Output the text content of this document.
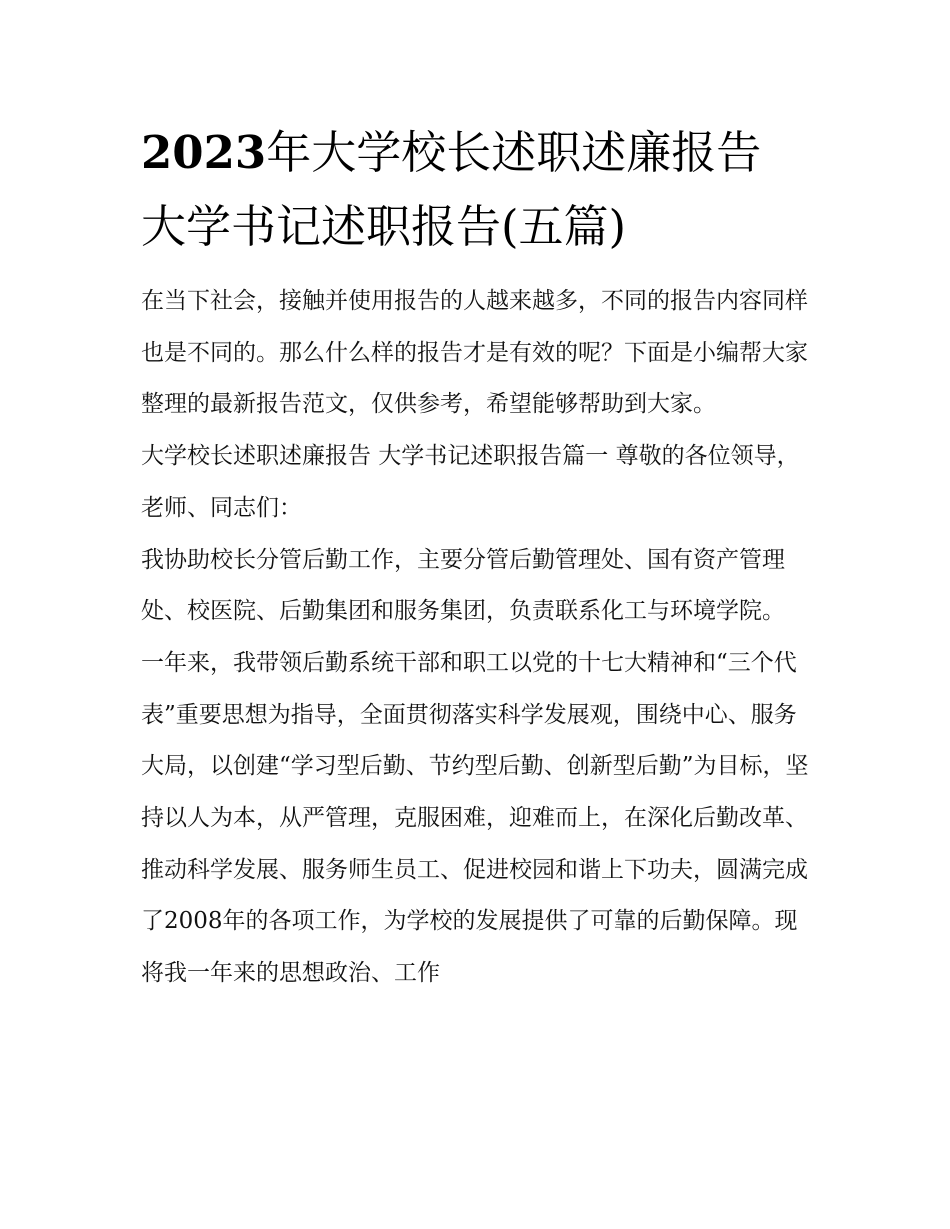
2023年大学校长述职述廉报告
大学书记述职报告(五篇)

在当下社会，接触并使用报告的人越来越多，不同的报告内容同样也是不同的。那么什么样的报告才是有效的呢？下面是小编帮大家整理的最新报告范文，仅供参考，希望能够帮助到大家。

大学校长述职述廉报告 大学书记述职报告篇一 尊敬的各位领导，老师、同志们：

我协助校长分管后勤工作，主要分管后勤管理处、国有资产管理处、校医院、后勤集团和服务集团，负责联系化工与环境学院。

一年来，我带领后勤系统干部和职工以党的十七大精神和“三个代表”重要思想为指导，全面贯彻落实科学发展观，围绕中心、服务大局，以创建“学习型后勤、节约型后勤、创新型后勤”为目标，坚持以人为本，从严管理，克服困难，迎难而上，在深化后勤改革、推动科学发展、服务师生员工、促进校园和谐上下功夫，圆满完成了2008年的各项工作，为学校的发展提供了可靠的后勤保障。现将我一年来的思想政治、工作
